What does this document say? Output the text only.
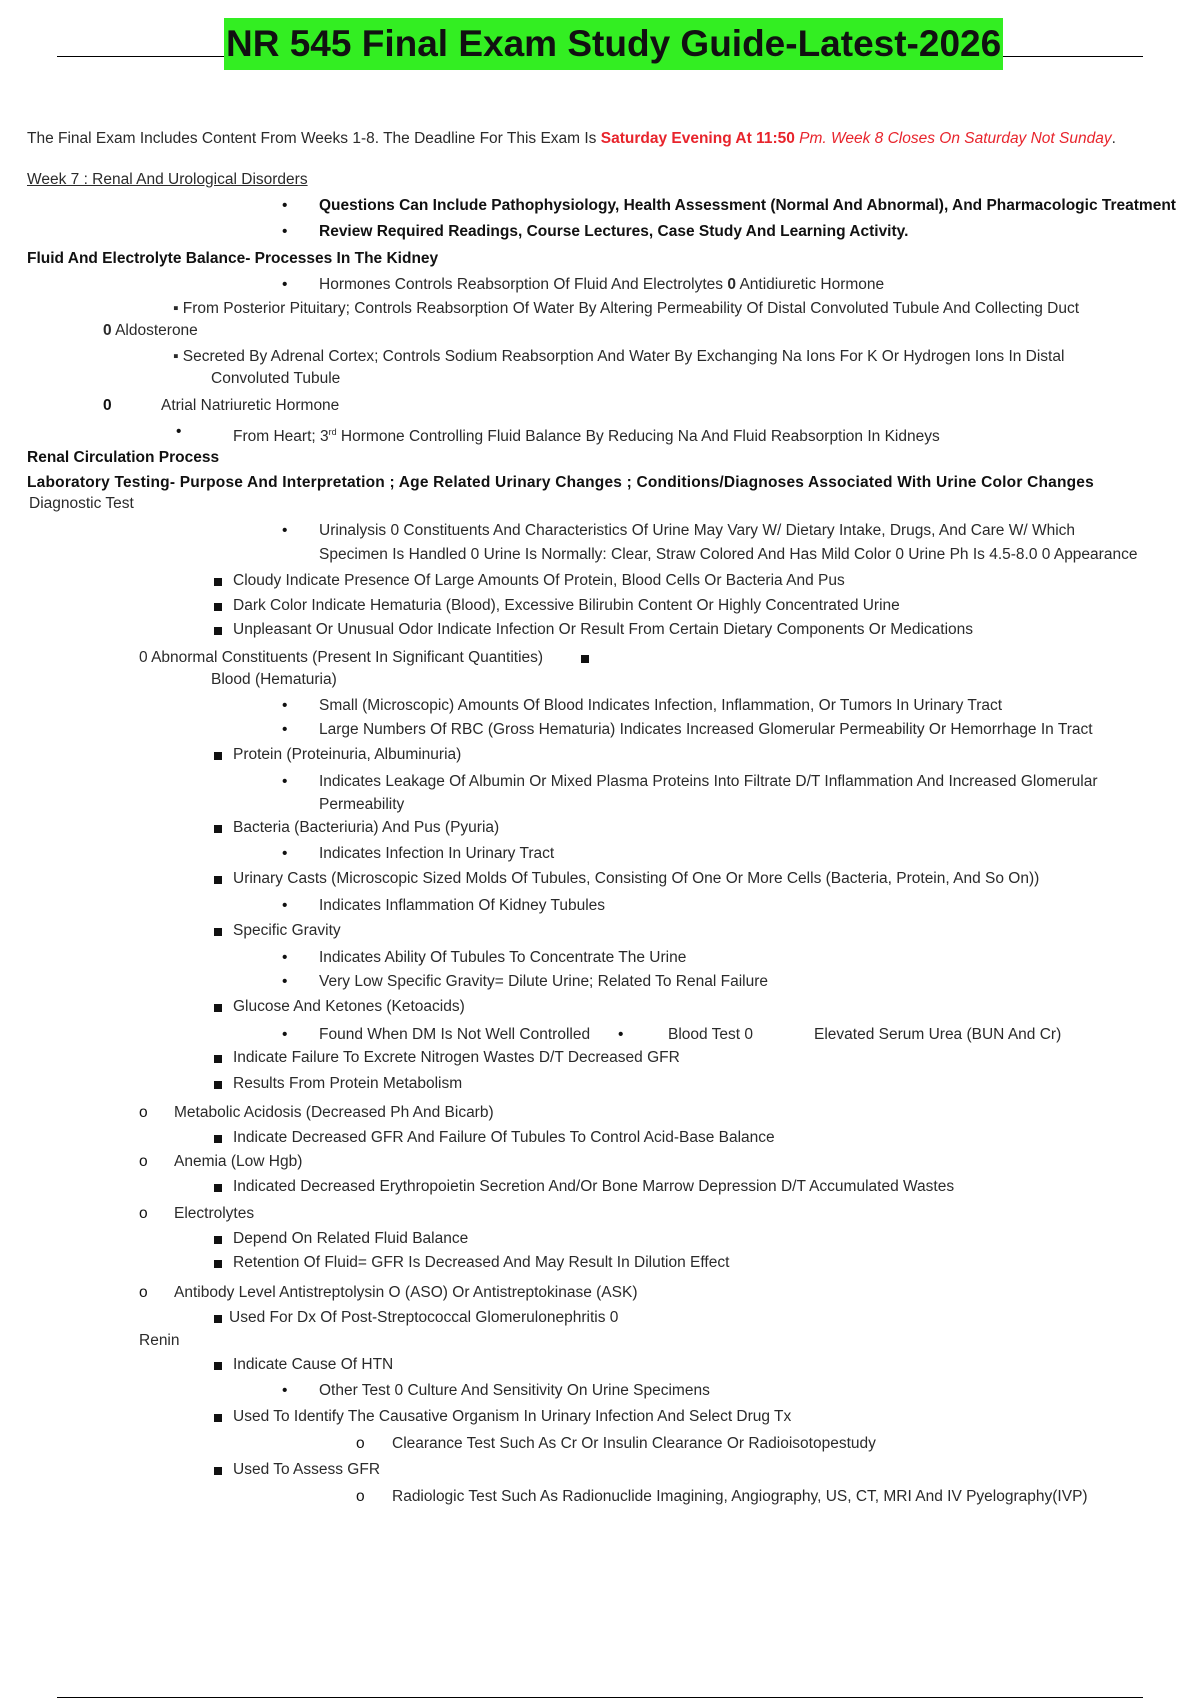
NR 545 Final Exam Study Guide-Latest-2026
The Final Exam Includes Content From Weeks 1-8. The Deadline For This Exam Is Saturday Evening At 11:50 Pm. Week 8 Closes On Saturday Not Sunday.
Week 7 : Renal And Urological Disorders
• Questions Can Include Pathophysiology, Health Assessment (Normal And Abnormal), And Pharmacologic Treatment
• Review Required Readings, Course Lectures, Case Study And Learning Activity.
Fluid And Electrolyte Balance- Processes In The Kidney
• Hormones Controls Reabsorption Of Fluid And Electrolytes 0 Antidiuretic Hormone
▪ From Posterior Pituitary; Controls Reabsorption Of Water By Altering Permeability Of Distal Convoluted Tubule And Collecting Duct
0 Aldosterone
▪ Secreted By Adrenal Cortex; Controls Sodium Reabsorption And Water By Exchanging Na Ions For K Or Hydrogen Ions In Distal
Convoluted Tubule
0	Atrial Natriuretic Hormone
•	From Heart; 3rd Hormone Controlling Fluid Balance By Reducing Na And Fluid Reabsorption In Kidneys
Renal Circulation Process
Laboratory Testing- Purpose And Interpretation ; Age Related Urinary Changes ; Conditions/Diagnoses Associated With Urine Color Changes
Diagnostic Test
• Urinalysis 0 Constituents And Characteristics Of Urine May Vary W/ Dietary Intake, Drugs, And Care W/ Which
Specimen Is Handled 0 Urine Is Normally: Clear, Straw Colored And Has Mild Color 0 Urine Ph Is 4.5-8.0 0 Appearance
Cloudy Indicate Presence Of Large Amounts Of Protein, Blood Cells Or Bacteria And Pus
Dark Color Indicate Hematuria (Blood), Excessive Bilirubin Content Or Highly Concentrated Urine
Unpleasant Or Unusual Odor Indicate Infection Or Result From Certain Dietary Components Or Medications
0 Abnormal Constituents (Present In Significant Quantities)
Blood (Hematuria)
• Small (Microscopic) Amounts Of Blood Indicates Infection, Inflammation, Or Tumors In Urinary Tract
• Large Numbers Of RBC (Gross Hematuria) Indicates Increased Glomerular Permeability Or Hemorrhage In Tract
Protein (Proteinuria, Albuminuria)
• Indicates Leakage Of Albumin Or Mixed Plasma Proteins Into Filtrate D/T Inflammation And Increased Glomerular
Permeability
Bacteria (Bacteriuria) And Pus (Pyuria)
• Indicates Infection In Urinary Tract
Urinary Casts (Microscopic Sized Molds Of Tubules, Consisting Of One Or More Cells (Bacteria, Protein, And So On))
• Indicates Inflammation Of Kidney Tubules
Specific Gravity
• Indicates Ability Of Tubules To Concentrate The Urine
• Very Low Specific Gravity= Dilute Urine; Related To Renal Failure
Glucose And Ketones (Ketoacids)
• Found When DM Is Not Well Controlled •	Blood Test 0	Elevated Serum Urea (BUN And Cr)
Indicate Failure To Excrete Nitrogen Wastes D/T Decreased GFR
Results From Protein Metabolism
o Metabolic Acidosis (Decreased Ph And Bicarb)
Indicate Decreased GFR And Failure Of Tubules To Control Acid-Base Balance
o Anemia (Low Hgb)
Indicated Decreased Erythropoietin Secretion And/Or Bone Marrow Depression D/T Accumulated Wastes
o Electrolytes
Depend On Related Fluid Balance
Retention Of Fluid= GFR Is Decreased And May Result In Dilution Effect
o Antibody Level Antistreptolysin O (ASO) Or Antistreptokinase (ASK)
Used For Dx Of Post-Streptococcal Glomerulonephritis 0
Renin
Indicate Cause Of HTN
• Other Test 0 Culture And Sensitivity On Urine Specimens
Used To Identify The Causative Organism In Urinary Infection And Select Drug Tx
o Clearance Test Such As Cr Or Insulin Clearance Or Radioisotopestudy
Used To Assess GFR
o Radiologic Test Such As Radionuclide Imagining, Angiography, US, CT, MRI And IV Pyelography(IVP)
